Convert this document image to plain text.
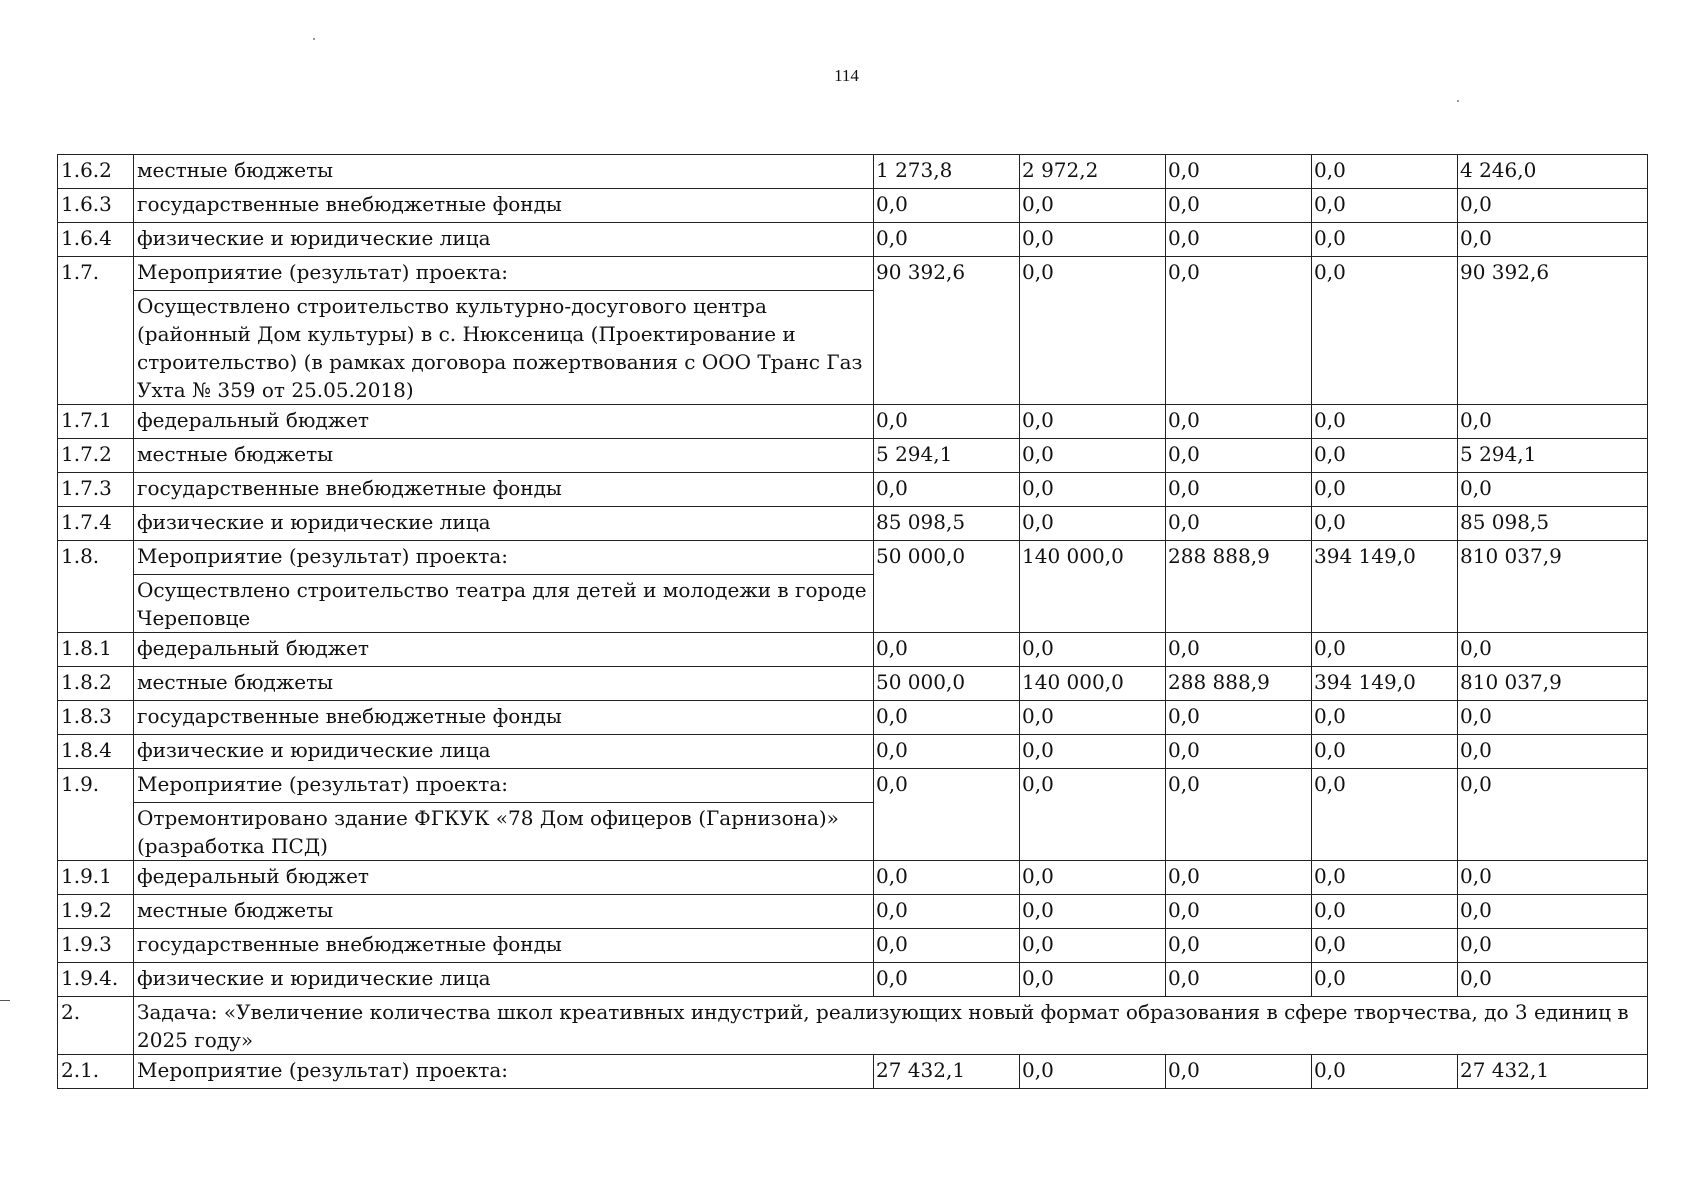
114
1.6.2	местные бюджеты	1 273,8	2 972,2	0,0	0,0	4 246,0
1.6.3	государственные внебюджетные фонды	0,0	0,0	0,0	0,0	0,0
1.6.4	физические и юридические лица	0,0	0,0	0,0	0,0	0,0
1.7.	Мероприятие (результат) проекта:	90 392,6	0,0	0,0	0,0	90 392,6
	Осуществлено строительство культурно-досугового центра (районный Дом культуры) в с. Нюксеница (Проектирование и строительство) (в рамках договора пожертвования с ООО Транс Газ Ухта № 359 от 25.05.2018)					
1.7.1	федеральный бюджет	0,0	0,0	0,0	0,0	0,0
1.7.2	местные бюджеты	5 294,1	0,0	0,0	0,0	5 294,1
1.7.3	государственные внебюджетные фонды	0,0	0,0	0,0	0,0	0,0
1.7.4	физические и юридические лица	85 098,5	0,0	0,0	0,0	85 098,5
1.8.	Мероприятие (результат) проекта:	50 000,0	140 000,0	288 888,9	394 149,0	810 037,9
	Осуществлено строительство театра для детей и молодежи в городе Череповце					
1.8.1	федеральный бюджет	0,0	0,0	0,0	0,0	0,0
1.8.2	местные бюджеты	50 000,0	140 000,0	288 888,9	394 149,0	810 037,9
1.8.3	государственные внебюджетные фонды	0,0	0,0	0,0	0,0	0,0
1.8.4	физические и юридические лица	0,0	0,0	0,0	0,0	0,0
1.9.	Мероприятие (результат) проекта:	0,0	0,0	0,0	0,0	0,0
	Отремонтировано здание ФГКУК «78 Дом офицеров (Гарнизона)» (разработка ПСД)					
1.9.1	федеральный бюджет	0,0	0,0	0,0	0,0	0,0
1.9.2	местные бюджеты	0,0	0,0	0,0	0,0	0,0
1.9.3	государственные внебюджетные фонды	0,0	0,0	0,0	0,0	0,0
1.9.4.	физические и юридические лица	0,0	0,0	0,0	0,0	0,0
2.	Задача: «Увеличение количества школ креативных индустрий, реализующих новый формат образования в сфере творчества, до 3 единиц в 2025 году»					
2.1.	Мероприятие (результат) проекта:	27 432,1	0,0	0,0	0,0	27 432,1
